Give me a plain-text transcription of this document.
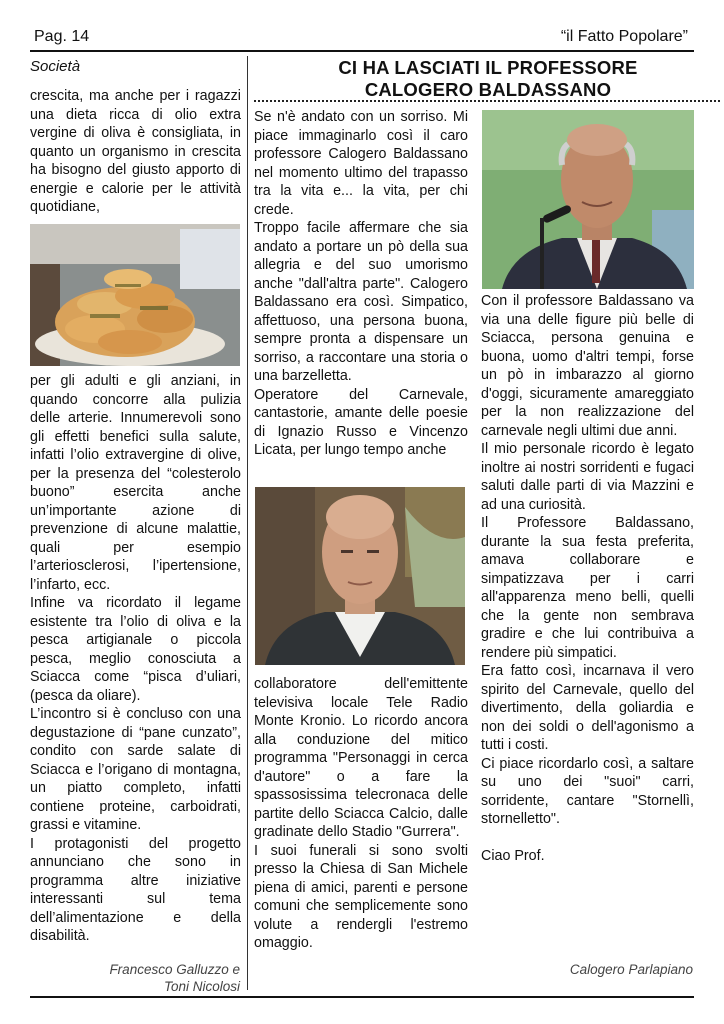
Pag. 14	“il Fatto Popolare”
Società	CI HA LASCIATI IL PROFESSORE
CALOGERO BALDASSANO

crescita, ma anche per i ragazzi una dieta ricca di olio extra vergine di oliva è consigliata, in quanto un organismo in crescita ha bisogno del giusto apporto di energie e calorie per le attività quotidiane,

per gli adulti e gli anziani, in quando concorre alla pulizia delle arterie. Innumerevoli sono gli effetti benefici sulla salute, infatti l’olio extravergine di olive, per la presenza del “colesterolo buono” esercita anche un’importante azione di prevenzione di alcune malattie, quali per esempio l’arteriosclerosi, l’ipertensione, l’infarto, ecc.

Infine va ricordato il legame esistente tra l’olio di oliva e la pesca artigianale o piccola pesca, meglio conosciuta a Sciacca come “pisca d’uliari, (pesca da oliare).

L’incontro si è concluso con una degustazione di “pane cunzato”, condito con sarde salate di Sciacca e l’origano di montagna, un piatto completo, infatti contiene proteine, carboidrati, grassi e vitamine.

I protagonisti del progetto annunciano che sono in programma altre iniziative interessanti sul tema dell’alimentazione e della disabilità.

Francesco Galluzzo e
Toni Nicolosi

Se n'è andato con un sorriso. Mi piace immaginarlo così il caro professore Calogero Baldassano nel momento ultimo del trapasso tra la vita e... la vita, per chi crede.

Troppo facile affermare che sia andato a portare un pò della sua allegria e del suo umorismo anche "dall'altra parte". Calogero Baldassano era così. Simpatico, affettuoso, una persona buona, sempre pronta a dispensare un sorriso, a raccontare una storia o una barzelletta.

Operatore del Carnevale, cantastorie, amante delle poesie di Ignazio Russo e Vincenzo Licata, per lungo tempo anche

collaboratore dell'emittente televisiva locale Tele Radio Monte Kronio. Lo ricordo ancora alla conduzione del mitico programma "Personaggi in cerca d'autore" o a fare la spassosissima telecronaca delle partite dello Sciacca Calcio, dalle gradinate dello Stadio "Gurrera".

I suoi funerali si sono svolti presso la Chiesa di San Michele piena di amici, parenti e persone comuni che semplicemente sono volute a rendergli l'estremo omaggio.

Con il professore Baldassano va via una delle figure più belle di Sciacca, persona genuina e buona, uomo d'altri tempi, forse un pò in imbarazzo al giorno d'oggi, sicuramente amareggiato per la non realizzazione del carnevale negli ultimi due anni.

Il mio personale ricordo è legato inoltre ai nostri sorridenti e fugaci saluti dalle parti di via Mazzini e ad una curiosità.

Il Professore Baldassano, durante la sua festa preferita, amava collaborare e simpatizzava per i carri all'apparenza meno belli, quelli che la gente non sembrava gradire e che lui contribuiva a rendere più simpatici.

Era fatto così, incarnava il vero spirito del Carnevale, quello del divertimento, della goliardia e non dei soldi o dell'agonismo a tutti i costi.

Ci piace ricordarlo così, a saltare su uno dei "suoi" carri, sorridente, cantare "Stornellì, stornelletto".

Ciao Prof.

Calogero Parlapiano
